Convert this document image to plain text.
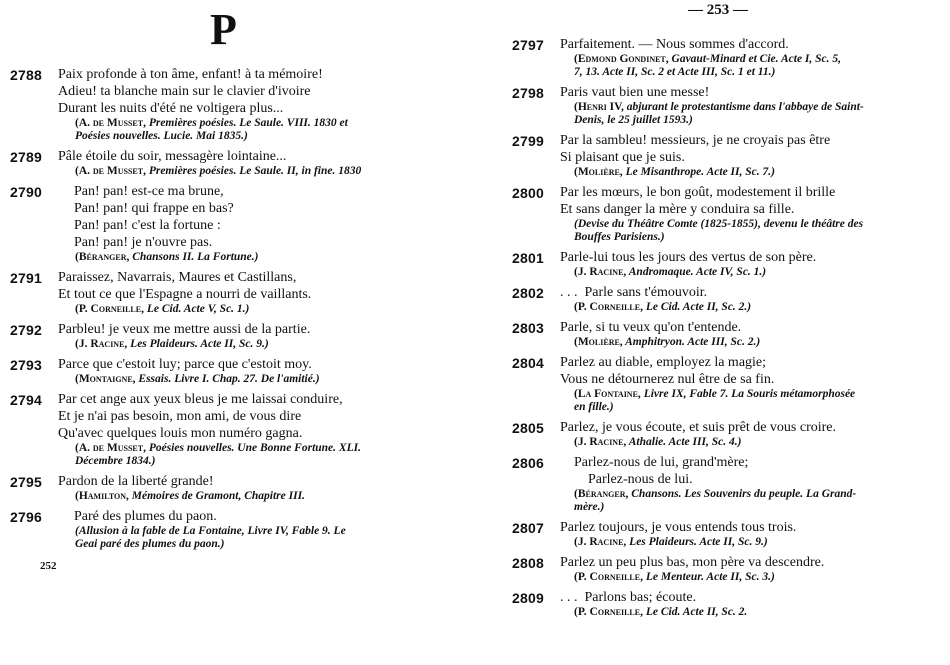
P
2788 Paix profonde à ton âme, enfant! à ta mémoire!
Adieu! ta blanche main sur le clavier d'ivoire
Durant les nuits d'été ne voltigera plus...
(A. de Musset, Premières poésies. Le Saule. VIII. 1830 et
Poésies nouvelles. Lucie. Mai 1835.)
2789 Pâle étoile du soir, messagère lointaine...
(A. de Musset, Premières poésies. Le Saule. II, in fine. 1830
2790 Pan! pan! est-ce ma brune,
Pan! pan! qui frappe en bas?
Pan! pan! c'est la fortune :
Pan! pan! je n'ouvre pas.
(Béranger, Chansons II. La Fortune.)
2791 Paraissez, Navarrais, Maures et Castillans,
Et tout ce que l'Espagne a nourri de vaillants.
(P. Corneille, Le Cid. Acte V, Sc. 1.)
2792 Parbleu! je veux me mettre aussi de la partie.
(J. Racine, Les Plaideurs. Acte II, Sc. 9.)
2793 Parce que c'estoit luy; parce que c'estoit moy.
(Montaigne, Essais. Livre I. Chap. 27. De l'amitié.)
2794 Par cet ange aux yeux bleus je me laissai conduire,
Et je n'ai pas besoin, mon ami, de vous dire
Qu'avec quelques louis mon numéro gagna.
(A. de Musset, Poésies nouvelles. Une Bonne Fortune. XLI.
Décembre 1834.)
2795 Pardon de la liberté grande!
(Hamilton, Mémoires de Gramont, Chapitre III.
2796 Paré des plumes du paon.
(Allusion à la fable de La Fontaine, Livre IV, Fable 9. Le
Geai paré des plumes du paon.)
252
— 253 —
2797 Parfaitement. — Nous sommes d'accord.
(Edmond Gondinet, Gavaut-Minard et Cie. Acte I, Sc. 5,
7, 13. Acte II, Sc. 2 et Acte III, Sc. 1 et 11.)
2798 Paris vaut bien une messe!
(Henri IV, abjurant le protestantisme dans l'abbaye de Saint-
Denis, le 25 juillet 1593.)
2799 Par la sambleu! messieurs, je ne croyais pas être
Si plaisant que je suis.
(Molière, Le Misanthrope. Acte II, Sc. 7.)
2800 Par les mœurs, le bon goût, modestement il brille
Et sans danger la mère y conduira sa fille.
(Devise du Théâtre Comte (1825-1855), devenu le théâtre des
Bouffes Parisiens.)
2801 Parle-lui tous les jours des vertus de son père.
(J. Racine, Andromaque. Acte IV, Sc. 1.)
2802 . . .  Parle sans t'émouvoir.
(P. Corneille, Le Cid. Acte II, Sc. 2.)
2803 Parle, si tu veux qu'on t'entende.
(Molière, Amphitryon. Acte III, Sc. 2.)
2804 Parlez au diable, employez la magie;
Vous ne détournerez nul être de sa fin.
(La Fontaine, Livre IX, Fable 7. La Souris métamorphosée
en fille.)
2805 Parlez, je vous écoute, et suis prêt de vous croire.
(J. Racine, Athalie. Acte III, Sc. 4.)
2806 Parlez-nous de lui, grand'mère;
Parlez-nous de lui.
(Béranger, Chansons. Les Souvenirs du peuple. La Grand-
mère.)
2807 Parlez toujours, je vous entends tous trois.
(J. Racine, Les Plaideurs. Acte II, Sc. 9.)
2808 Parlez un peu plus bas, mon père va descendre.
(P. Corneille, Le Menteur. Acte II, Sc. 3.)
2809 . . .  Parlons bas; écoute.
(P. Corneille, Le Cid. Acte II, Sc. 2.
